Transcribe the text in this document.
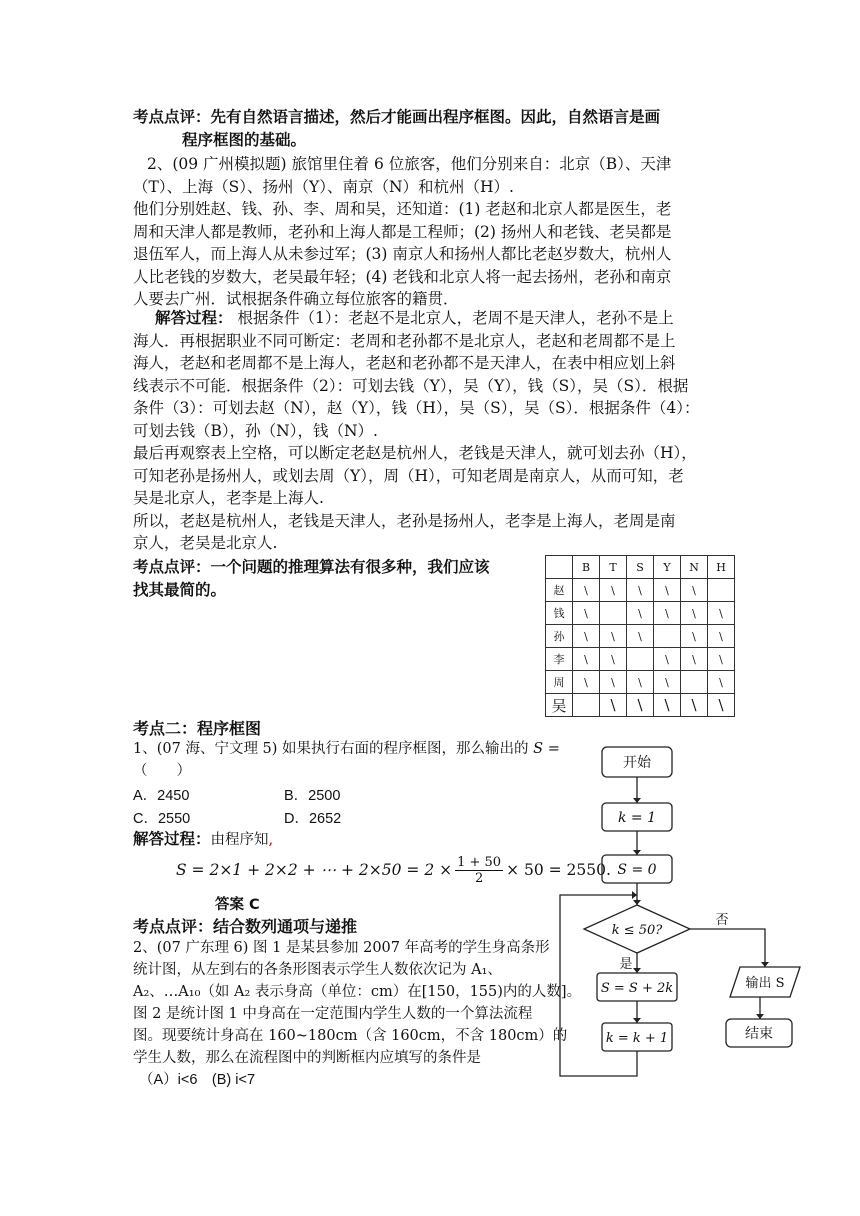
考点点评：先有自然语言描述，然后才能画出程序框图。因此，自然语言是画
程序框图的基础。
2、(09 广州模拟题) 旅馆里住着 6 位旅客，他们分别来自：北京（B）、天津
（T）、上海（S）、扬州（Y）、南京（N）和杭州（H）.
他们分别姓赵、钱、孙、李、周和吴，还知道：(1) 老赵和北京人都是医生，老
周和天津人都是教师，老孙和上海人都是工程师；(2) 扬州人和老钱、老吴都是
退伍军人，而上海人从未参过军；(3) 南京人和扬州人都比老赵岁数大，杭州人
人比老钱的岁数大，老吴最年轻；(4) 老钱和北京人将一起去扬州，老孙和南京
人要去广州．试根据条件确立每位旅客的籍贯．
解答过程： 根据条件（1）：老赵不是北京人，老周不是天津人，老孙不是上
海人．再根据职业不同可断定：老周和老孙都不是北京人，老赵和老周都不是上
海人，老赵和老周都不是上海人，老赵和老孙都不是天津人，在表中相应划上斜
线表示不可能．根据条件（2）：可划去钱（Y），吴（Y），钱（S），吴（S）．根据
条件（3）：可划去赵（N），赵（Y），钱（H），吴（S），吴（S）．根据条件（4）：
可划去钱（B），孙（N），钱（N）.
最后再观察表上空格，可以断定老赵是杭州人，老钱是天津人，就可划去孙（H），
可知老孙是扬州人，或划去周（Y），周（H），可知老周是南京人，从而可知，老
吴是北京人，老李是上海人.
所以，老赵是杭州人，老钱是天津人，老孙是扬州人，老李是上海人，老周是南
京人，老吴是北京人.
考点点评：一个问题的推理算法有很多种，我们应该
找其最简的。
	B	T	S	Y	N	H
赵	\	\	\	\	\	
钱	\		\	\	\	\
孙	\	\	\		\	\
李	\	\		\	\	\
周	\	\	\	\		\
吴		\	\	\	\	\
考点二：程序框图
1、(07 海、宁文理 5) 如果执行右面的程序框图，那么输出的 S =
（　　）
A．2450	B．2500
C．2550	D．2652
解答过程：由程序知,
S = 2×1 + 2×2 + ⋯ + $2\times 50 = 2 \times \frac{1 + 50}{2} \times 50 = 2550$.
答案 C
考点点评：结合数列通项与递推
2、(07 广东理 6) 图 1 是某县参加 2007 年高考的学生身高条形
统计图，从左到右的各条形图表示学生人数依次记为 A₁、
A₂、…A₁₀（如 A₂ 表示身高（单位：cm）在[150，155)内的人数]。
图 2 是统计图 1 中身高在一定范围内学生人数的一个算法流程
图。现要统计身高在 160~180cm（含 160cm，不含 180cm）的
学生人数，那么在流程图中的判断框内应填写的条件是
（A）i<6　(B) i<7
开始
k = 1
S = 0
k ≤ 50?
否
是
S = S + 2k
k = k + 1
输出 S
结束
